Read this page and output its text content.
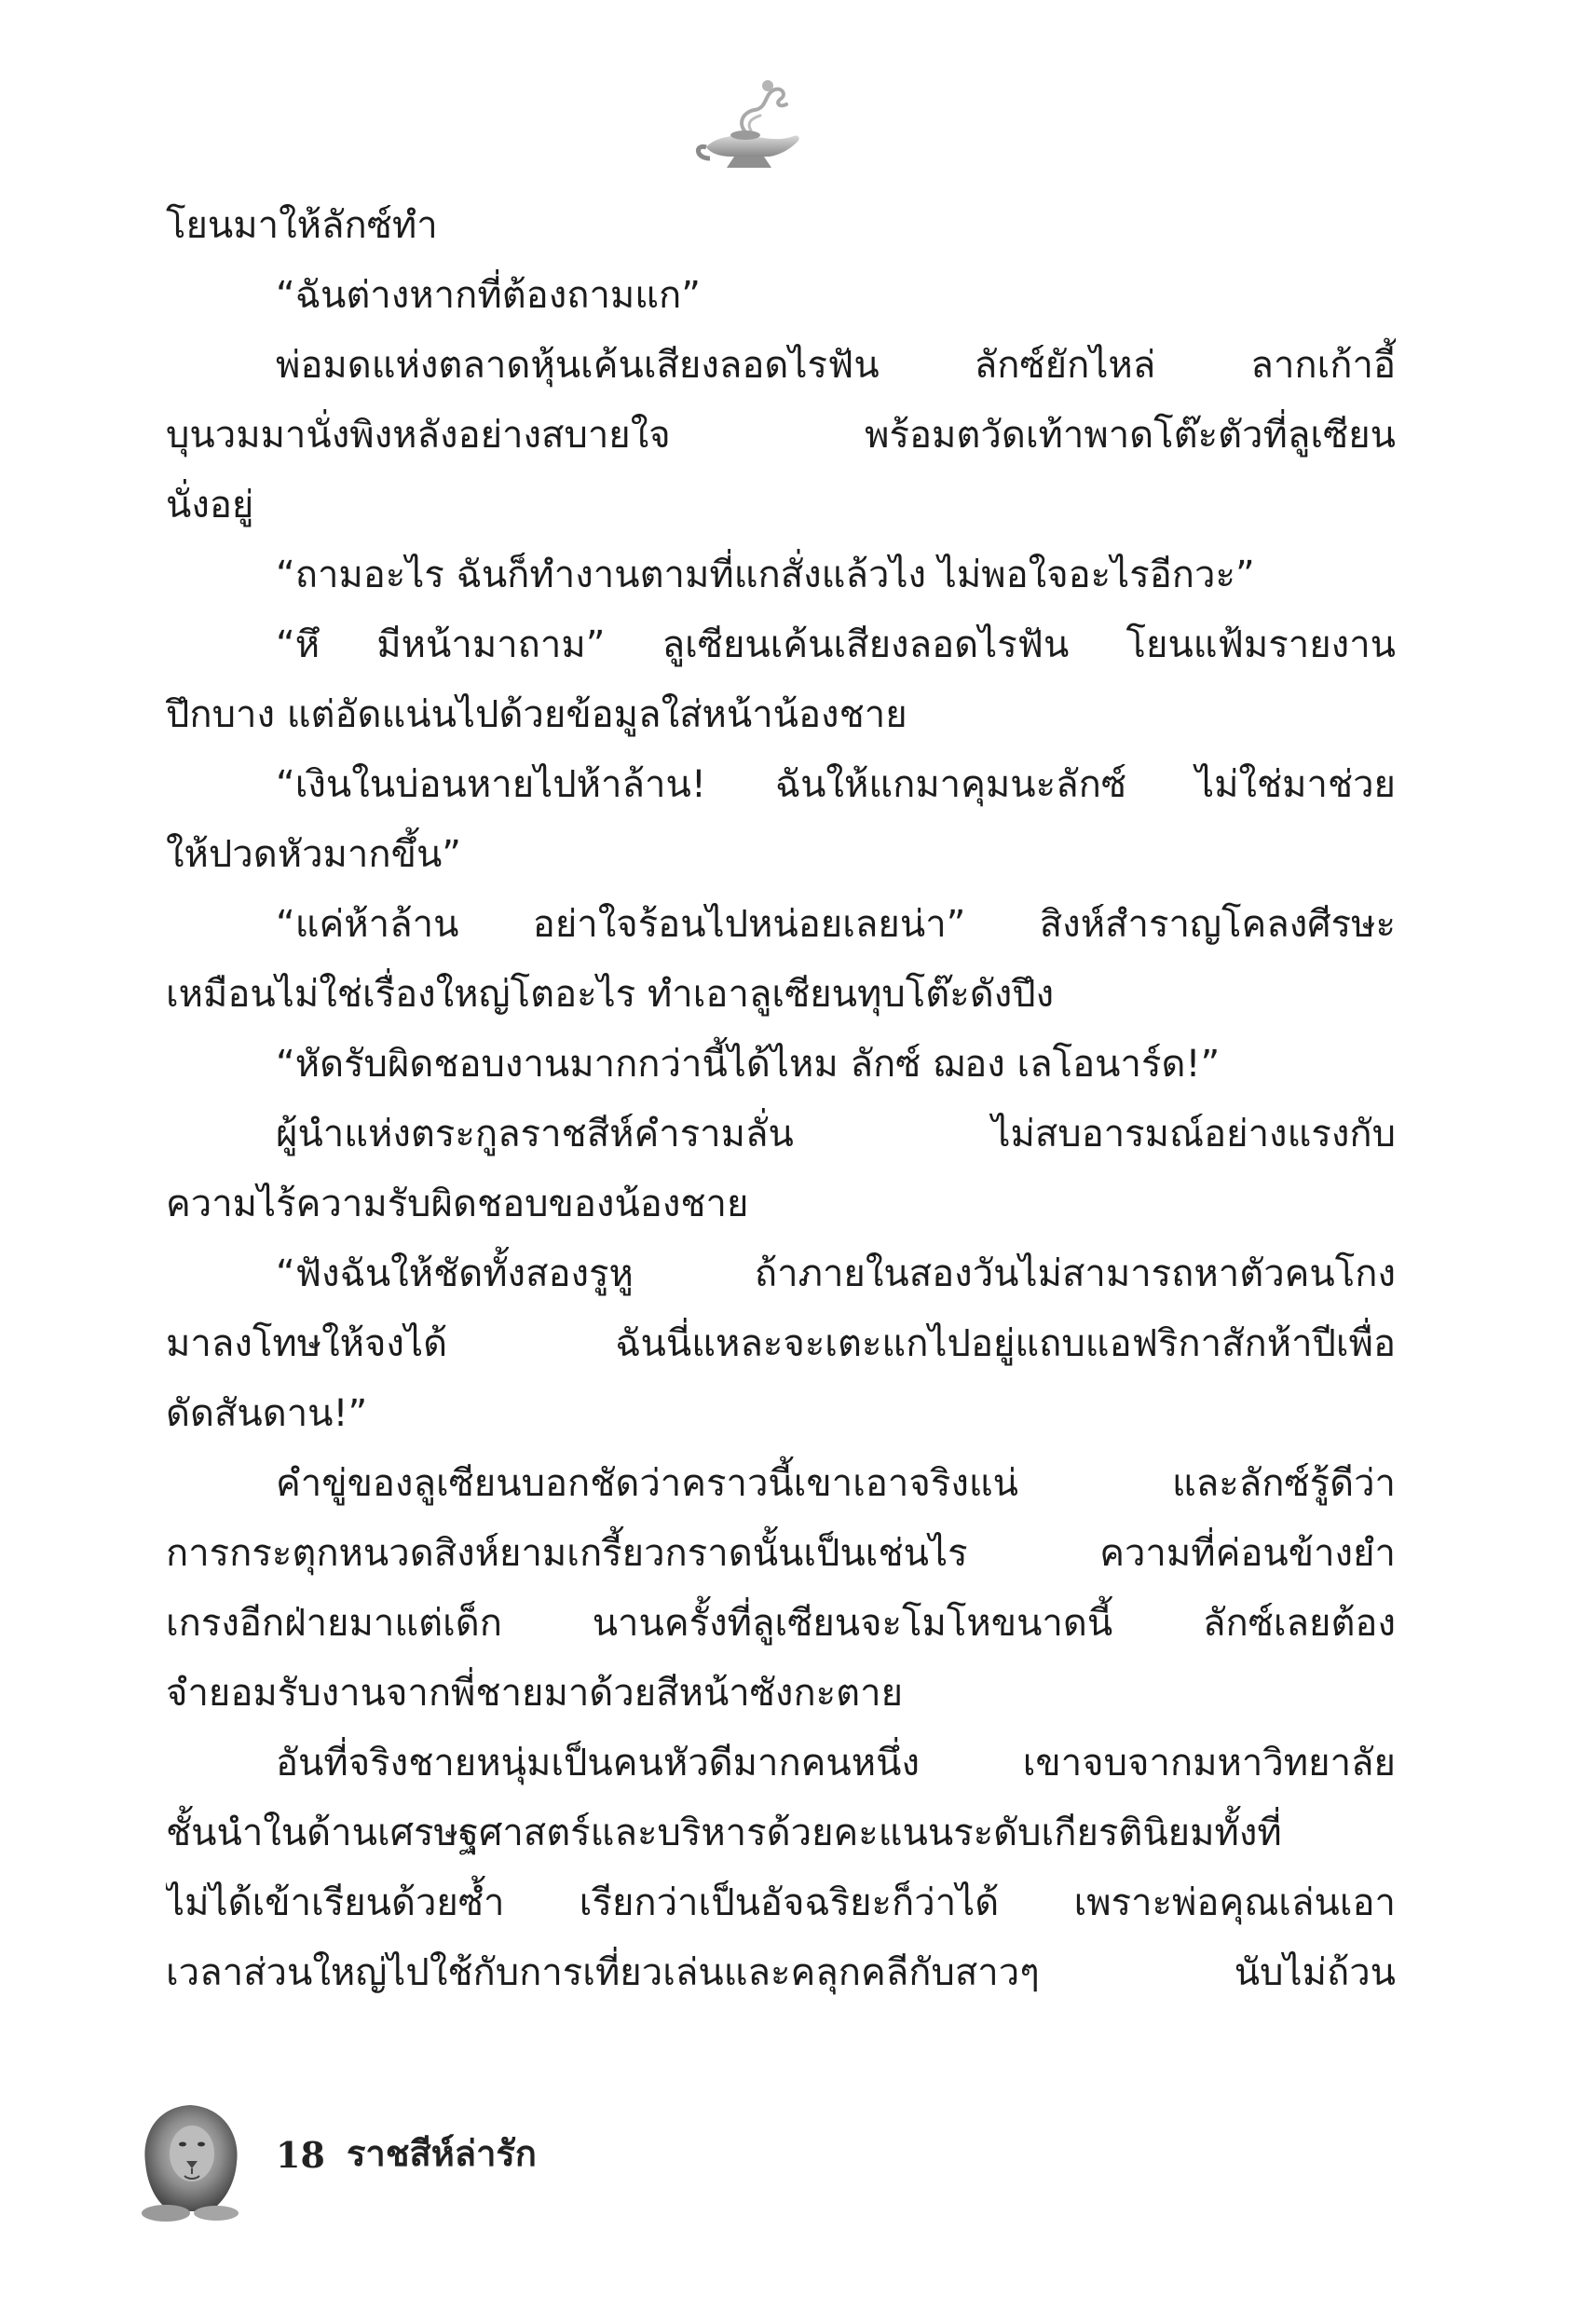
โยนมาให้ลักซ์ทำ
“ฉันต่างหากที่ต้องถามแก”
พ่อมดแห่งตลาดหุ้นเค้นเสียงลอดไรฟัน ลักซ์ยักไหล่ ลากเก้าอี้
บุนวมมานั่งพิงหลังอย่างสบายใจ พร้อมตวัดเท้าพาดโต๊ะตัวที่ลูเซียน
นั่งอยู่
“ถามอะไร ฉันก็ทำงานตามที่แกสั่งแล้วไง ไม่พอใจอะไรอีกวะ”
“หึ มีหน้ามาถาม” ลูเซียนเค้นเสียงลอดไรฟัน โยนแฟ้มรายงาน
ปึกบาง แต่อัดแน่นไปด้วยข้อมูลใส่หน้าน้องชาย
“เงินในบ่อนหายไปห้าล้าน! ฉันให้แกมาคุมนะลักซ์ ไม่ใช่มาช่วย
ให้ปวดหัวมากขึ้น”
“แค่ห้าล้าน อย่าใจร้อนไปหน่อยเลยน่า” สิงห์สำราญโคลงศีรษะ
เหมือนไม่ใช่เรื่องใหญ่โตอะไร ทำเอาลูเซียนทุบโต๊ะดังปึง
“หัดรับผิดชอบงานมากกว่านี้ได้ไหม ลักซ์ ฌอง เลโอนาร์ด!”
ผู้นำแห่งตระกูลราชสีห์คำรามลั่น ไม่สบอารมณ์อย่างแรงกับ
ความไร้ความรับผิดชอบของน้องชาย
“ฟังฉันให้ชัดทั้งสองรูหู ถ้าภายในสองวันไม่สามารถหาตัวคนโกง
มาลงโทษให้จงได้ ฉันนี่แหละจะเตะแกไปอยู่แถบแอฟริกาสักห้าปีเพื่อ
ดัดสันดาน!”
คำขู่ของลูเซียนบอกชัดว่าคราวนี้เขาเอาจริงแน่ และลักซ์รู้ดีว่า
การกระตุกหนวดสิงห์ยามเกรี้ยวกราดนั้นเป็นเช่นไร ความที่ค่อนข้างยำ
เกรงอีกฝ่ายมาแต่เด็ก นานครั้งที่ลูเซียนจะโมโหขนาดนี้ ลักซ์เลยต้อง
จำยอมรับงานจากพี่ชายมาด้วยสีหน้าซังกะตาย
อันที่จริงชายหนุ่มเป็นคนหัวดีมากคนหนึ่ง เขาจบจากมหาวิทยาลัย
ชั้นนำในด้านเศรษฐศาสตร์และบริหารด้วยคะแนนระดับเกียรตินิยมทั้งที่
ไม่ได้เข้าเรียนด้วยซ้ำ เรียกว่าเป็นอัจฉริยะก็ว่าได้ เพราะพ่อคุณเล่นเอา
เวลาส่วนใหญ่ไปใช้กับการเที่ยวเล่นและคลุกคลีกับสาวๆ นับไม่ถ้วน
18 ราชสีห์ล่ารัก
